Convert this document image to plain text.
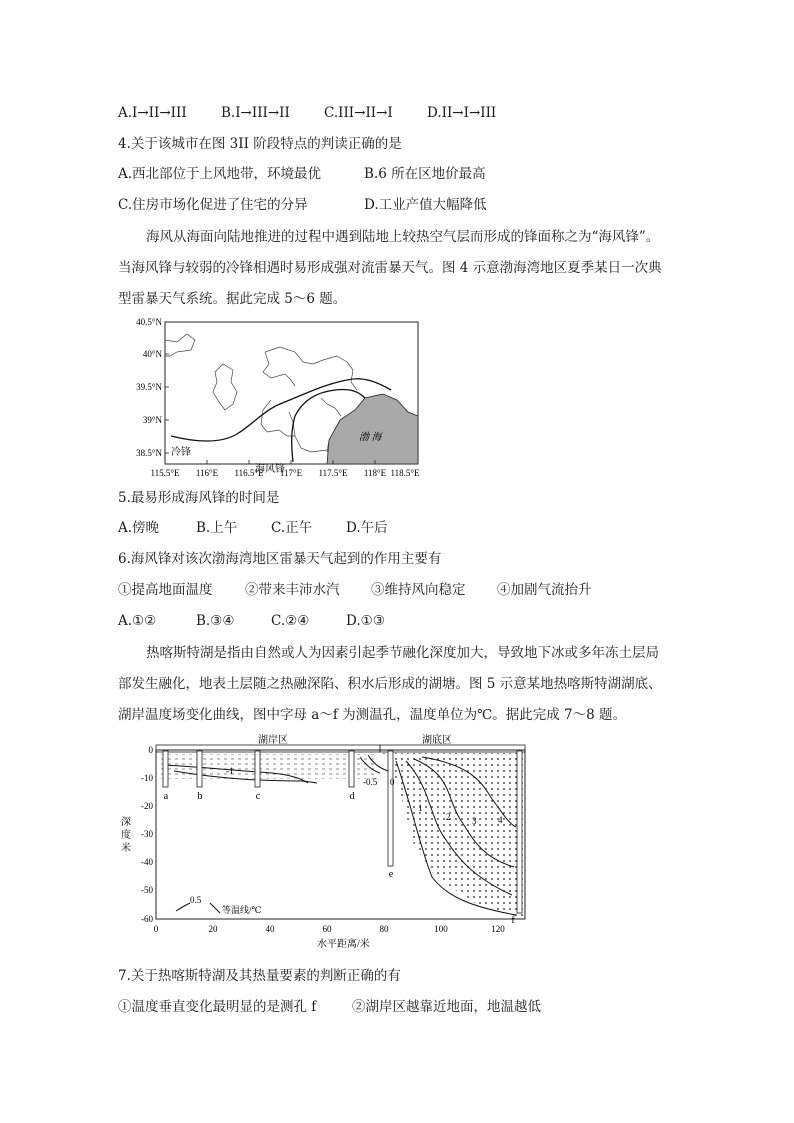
A.I→II→III	B.I→III→II	C.III→II→I	D.II→I→III
4.关于该城市在图 3II 阶段特点的判读正确的是
A.西北部位于上风地带，环境最优	B.6 所在区地价最高
C.住房市场化促进了住宅的分异	D.工业产值大幅降低
海风从海面向陆地推进的过程中遇到陆地上较热空气层而形成的锋面称之为“海风锋”。
当海风锋与较弱的冷锋相遇时易形成强对流雷暴天气。图 4 示意渤海湾地区夏季某日一次典
型雷暴天气系统。据此完成 5～6 题。
冷锋
海风锋
渤 海
40.5°N
40°N
39.5°N
39°N
38.5°N
115.5°E 116°E 116.5°E 117°E 117.5°E 118°E 118.5°E
5.最易形成海风锋的时间是
A.傍晚	B.上午	C.正午	D.午后
6.海风锋对该次渤海湾地区雷暴天气起到的作用主要有
①提高地面温度 ②带来丰沛水汽 ③维持风向稳定 ④加剧气流抬升
A.①②	B.③④	C.②④	D.①③
热喀斯特湖是指由自然或人为因素引起季节融化深度加大，导致地下冰或多年冻土层局
部发生融化，地表土层随之热融深陷、积水后形成的湖塘。图 5 示意某地热喀斯特湖湖底、
湖岸温度场变化曲线，图中字母 a～f 为测温孔，温度单位为℃。据此完成 7～8 题。
湖岸区	湖底区
a	b	c	d
e
f
-1
-0.5 0
1
2 3 4
0
-10
-20
-30
-40
-50
-60
深
度
米
0	20	40	60	80	100	120
水平距离/米
0.5
等温线/℃
7.关于热喀斯特湖及其热量要素的判断正确的有
①温度垂直变化最明显的是测孔 f	②湖岸区越靠近地面，地温越低
